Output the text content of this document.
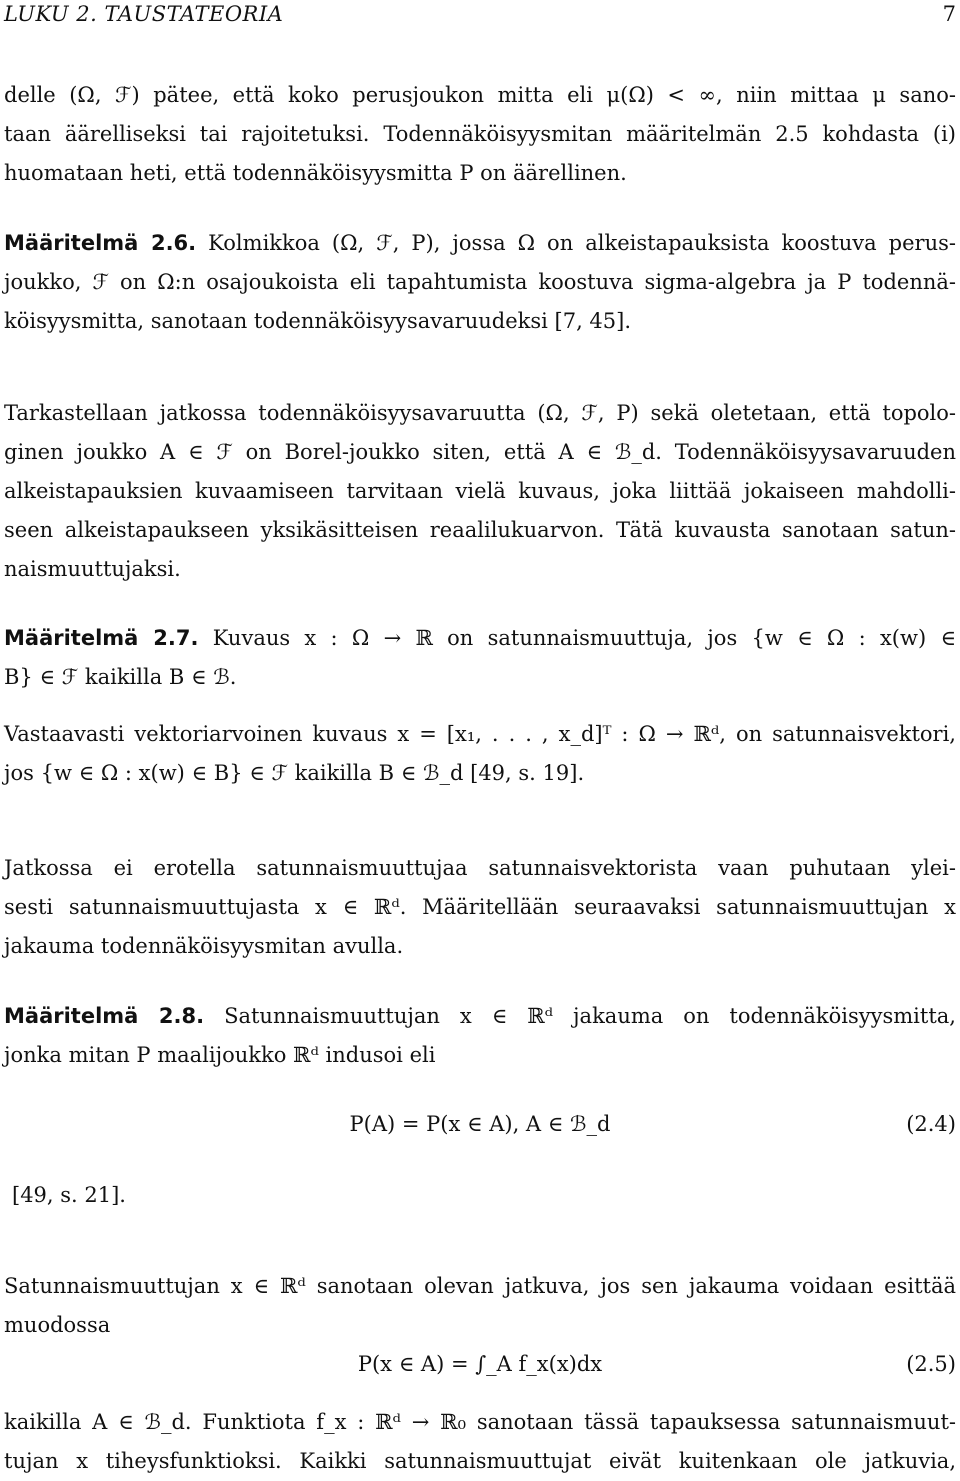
LUKU 2. TAUSTATEORIA	7
delle (Ω, ℱ) pätee, että koko perusjoukon mitta eli μ(Ω) < ∞, niin mittaa μ sano-
taan äärelliseksi tai rajoitetuksi. Todennäköisyysmitan määritelmän 2.5 kohdasta (i)
huomataan heti, että todennäköisyysmitta P on äärellinen.
Määritelmä 2.6. Kolmikkoa (Ω, ℱ, P), jossa Ω on alkeistapauksista koostuva perus-
joukko, ℱ on Ω:n osajoukoista eli tapahtumista koostuva sigma-algebra ja P todennä-
köisyysmitta, sanotaan todennäköisyysavaruudeksi [7, 45].
Tarkastellaan jatkossa todennäköisyysavaruutta (Ω, ℱ, P) sekä oletetaan, että topolo-
ginen joukko A ∈ ℱ on Borel-joukko siten, että A ∈ ℬ_d. Todennäköisyysavaruuden
alkeistapauksien kuvaamiseen tarvitaan vielä kuvaus, joka liittää jokaiseen mahdolli-
seen alkeistapaukseen yksikäsitteisen reaalilukuarvon. Tätä kuvausta sanotaan satun-
naismuuttujaksi.
Määritelmä 2.7. Kuvaus x : Ω → ℝ on satunnaismuuttuja, jos {w ∈ Ω : x(w) ∈
B} ∈ ℱ kaikilla B ∈ ℬ.
Vastaavasti vektoriarvoinen kuvaus x = [x₁, . . . , x_d]ᵀ : Ω → ℝᵈ, on satunnaisvektori,
jos {w ∈ Ω : x(w) ∈ B} ∈ ℱ kaikilla B ∈ ℬ_d [49, s. 19].
Jatkossa ei erotella satunnaismuuttujaa satunnaisvektorista vaan puhutaan ylei-
sesti satunnaismuuttujasta x ∈ ℝᵈ. Määritellään seuraavaksi satunnaismuuttujan x
jakauma todennäköisyysmitan avulla.
Määritelmä 2.8. Satunnaismuuttujan x ∈ ℝᵈ jakauma on todennäköisyysmitta,
jonka mitan P maalijoukko ℝᵈ indusoi eli
P(A) = P(x ∈ A), A ∈ ℬ_d	(2.4)
[49, s. 21].
Satunnaismuuttujan x ∈ ℝᵈ sanotaan olevan jatkuva, jos sen jakauma voidaan esittää
muodossa
P(x ∈ A) = ∫_A f_x(x)dx	(2.5)
kaikilla A ∈ ℬ_d. Funktiota f_x : ℝᵈ → ℝ₀ sanotaan tässä tapauksessa satunnaismuut-
tujan x tiheysfunktioksi. Kaikki satunnaismuuttujat eivät kuitenkaan ole jatkuvia,
